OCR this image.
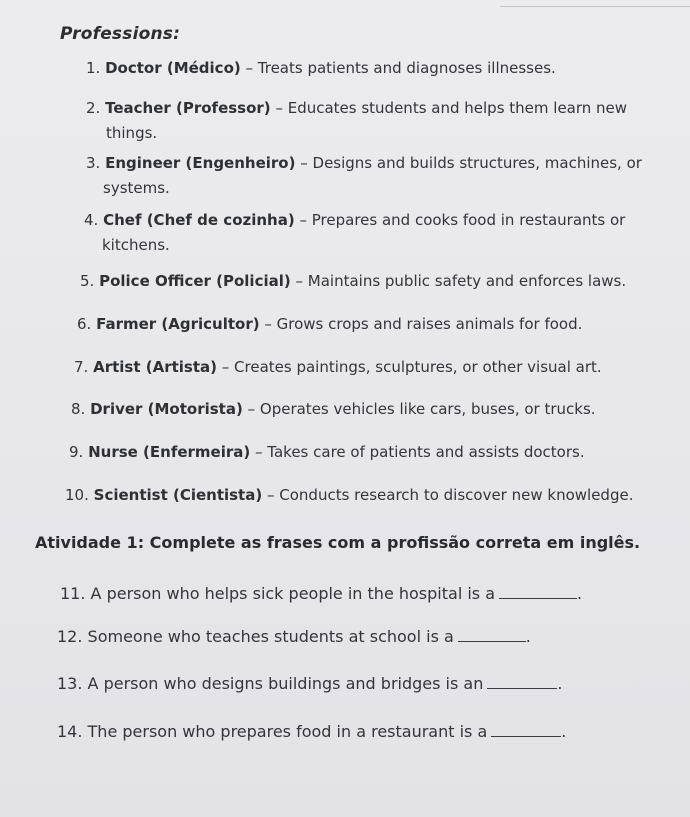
Professions:
1. Doctor (Médico) – Treats patients and diagnoses illnesses.
2. Teacher (Professor) – Educates students and helps them learn new
things.
3. Engineer (Engenheiro) – Designs and builds structures, machines, or
systems.
4. Chef (Chef de cozinha) – Prepares and cooks food in restaurants or
kitchens.
5. Police Officer (Policial) – Maintains public safety and enforces laws.
6. Farmer (Agricultor) – Grows crops and raises animals for food.
7. Artist (Artista) – Creates paintings, sculptures, or other visual art.
8. Driver (Motorista) – Operates vehicles like cars, buses, or trucks.
9. Nurse (Enfermeira) – Takes care of patients and assists doctors.
10. Scientist (Cientista) – Conducts research to discover new knowledge.
Atividade 1: Complete as frases com a profissão correta em inglês.
11. A person who helps sick people in the hospital is a	.
12. Someone who teaches students at school is a	.
13. A person who designs buildings and bridges is an	.
14. The person who prepares food in a restaurant is a	.
